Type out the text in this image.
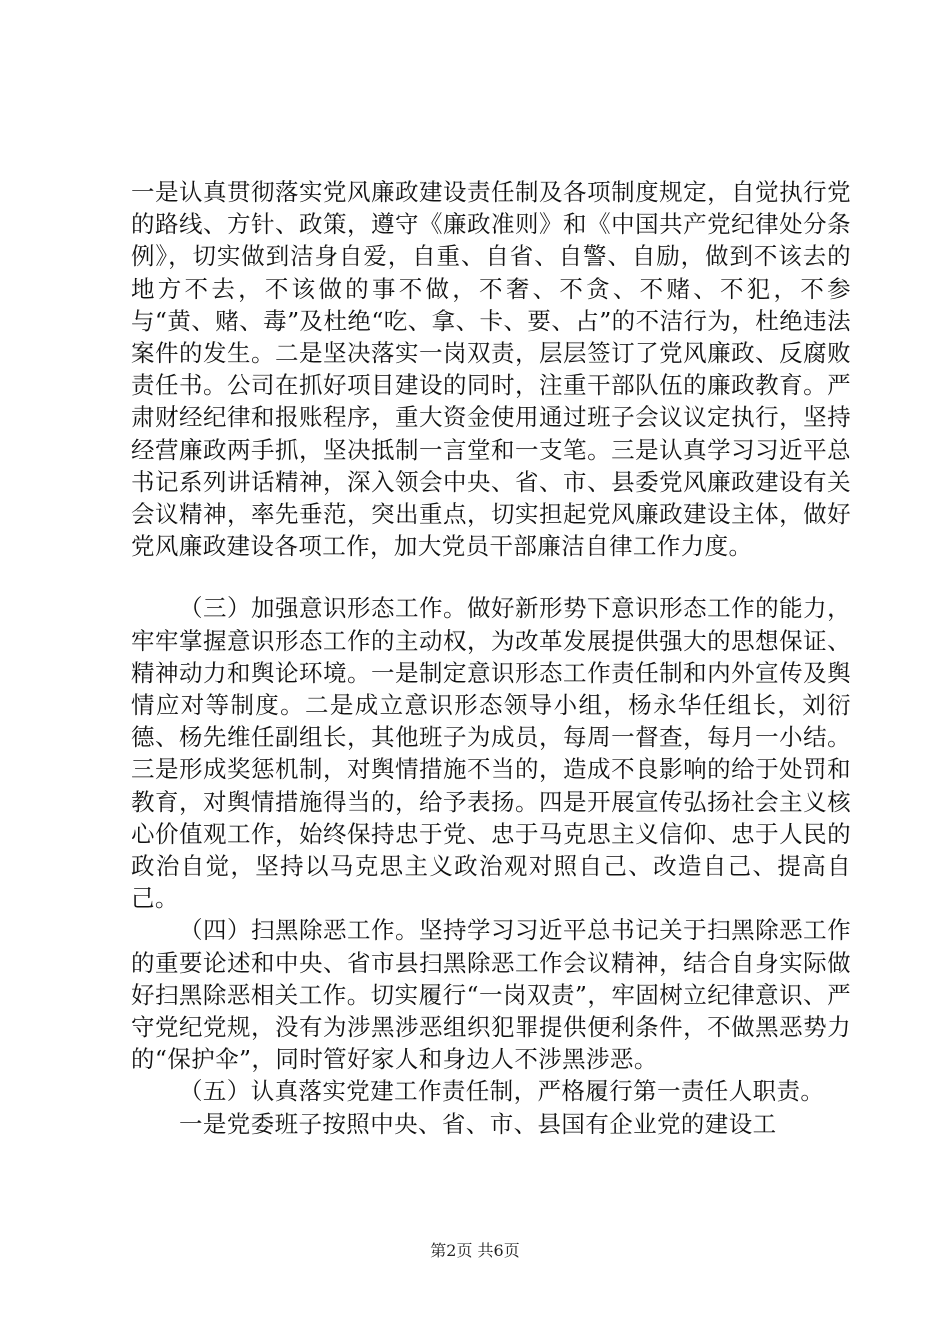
一是认真贯彻落实党风廉政建设责任制及各项制度规定，自觉执行党的路线、方针、政策，遵守《廉政准则》和《中国共产党纪律处分条例》，切实做到洁身自爱，自重、自省、自警、自励，做到不该去的地方不去，不该做的事不做，不奢、不贪、不赌、不犯，不参与“黄、赌、毒”及杜绝“吃、拿、卡、要、占”的不洁行为，杜绝违法案件的发生。二是坚决落实一岗双责，层层签订了党风廉政、反腐败责任书。公司在抓好项目建设的同时，注重干部队伍的廉政教育。严肃财经纪律和报账程序，重大资金使用通过班子会议议定执行，坚持经营廉政两手抓，坚决抵制一言堂和一支笔。三是认真学习习近平总书记系列讲话精神，深入领会中央、省、市、县委党风廉政建设有关会议精神，率先垂范，突出重点，切实担起党风廉政建设主体，做好党风廉政建设各项工作，加大党员干部廉洁自律工作力度。

（三）加强意识形态工作。做好新形势下意识形态工作的能力，牢牢掌握意识形态工作的主动权，为改革发展提供强大的思想保证、精神动力和舆论环境。一是制定意识形态工作责任制和内外宣传及舆情应对等制度。二是成立意识形态领导小组，杨永华任组长，刘衍德、杨先维任副组长，其他班子为成员，每周一督查，每月一小结。三是形成奖惩机制，对舆情措施不当的，造成不良影响的给于处罚和教育，对舆情措施得当的，给予表扬。四是开展宣传弘扬社会主义核心价值观工作，始终保持忠于党、忠于马克思主义信仰、忠于人民的政治自觉，坚持以马克思主义政治观对照自己、改造自己、提高自己。

（四）扫黑除恶工作。坚持学习习近平总书记关于扫黑除恶工作的重要论述和中央、省市县扫黑除恶工作会议精神，结合自身实际做好扫黑除恶相关工作。切实履行“一岗双责”，牢固树立纪律意识、严守党纪党规，没有为涉黑涉恶组织犯罪提供便利条件，不做黑恶势力的“保护伞”，同时管好家人和身边人不涉黑涉恶。

（五）认真落实党建工作责任制，严格履行第一责任人职责。

一是党委班子按照中央、省、市、县国有企业党的建设工

第2页 共6页
